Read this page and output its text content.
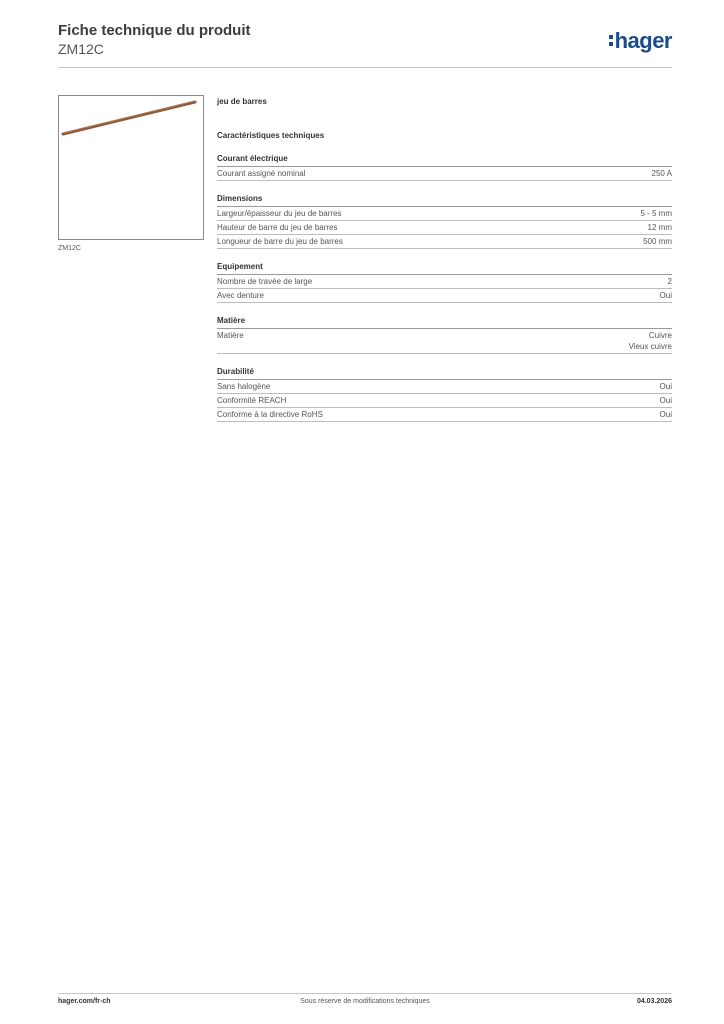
Fiche technique du produit
ZM12C	hager
ZM12C
jeu de barres
Caractéristiques techniques
Courant électrique
Courant assigné nominal	250 A
Dimensions
Largeur/épaisseur du jeu de barres	5 - 5 mm
Hauteur de barre du jeu de barres	12 mm
Longueur de barre du jeu de barres	500 mm
Equipement
Nombre de travée de large	2
Avec denture	Oui
Matière
Matière	Cuivre
Vieux cuivre
Durabilité
Sans halogène	Oui
Conformité REACH	Oui
Conforme à la directive RoHS	Oui
hager.com/fr-ch	Sous réserve de modifications techniques	04.03.2026
